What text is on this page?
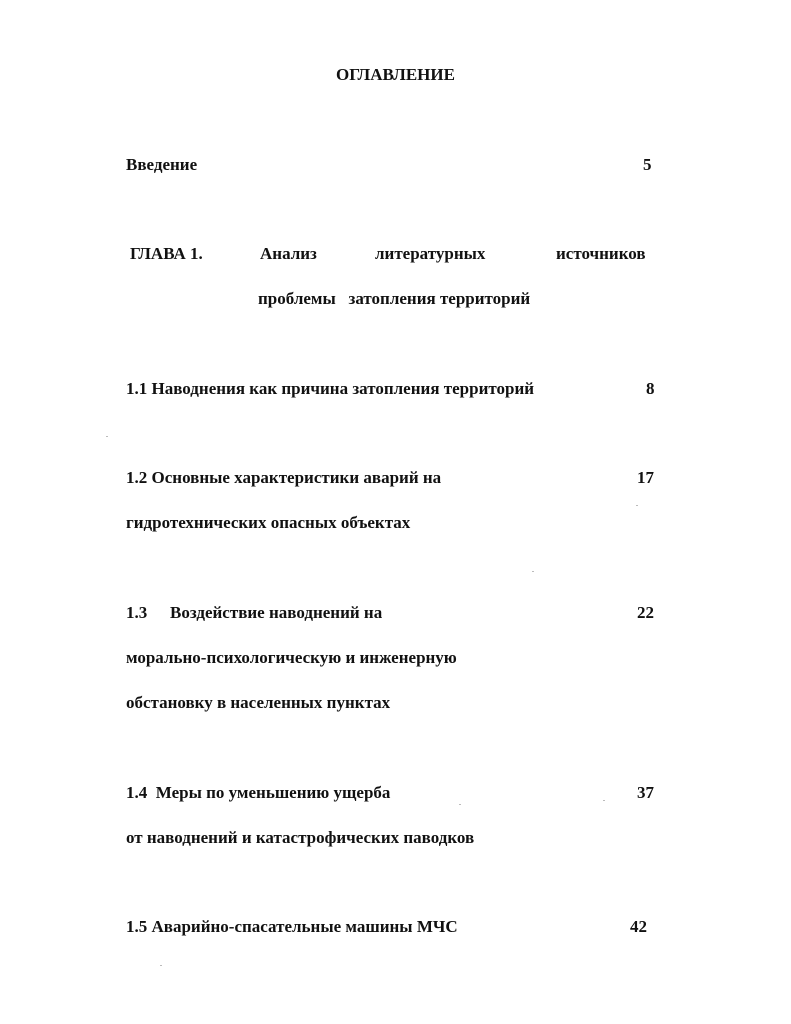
ОГЛАВЛЕНИЕ
Введение	5
ГЛАВА 1.	Анализ	литературных	источников
проблемы   затопления территорий
1.1 Наводнения как причина затопления территорий	8
1.2 Основные характеристики аварий на	17
гидротехнических опасных объектах
1.3 Воздействие наводнений на	22
морально-психологическую и инженерную
обстановку в населенных пунктах
1.4  Меры по уменьшению ущерба	37
от наводнений и катастрофических паводков
1.5 Аварийно-спасательные машины МЧС	42
